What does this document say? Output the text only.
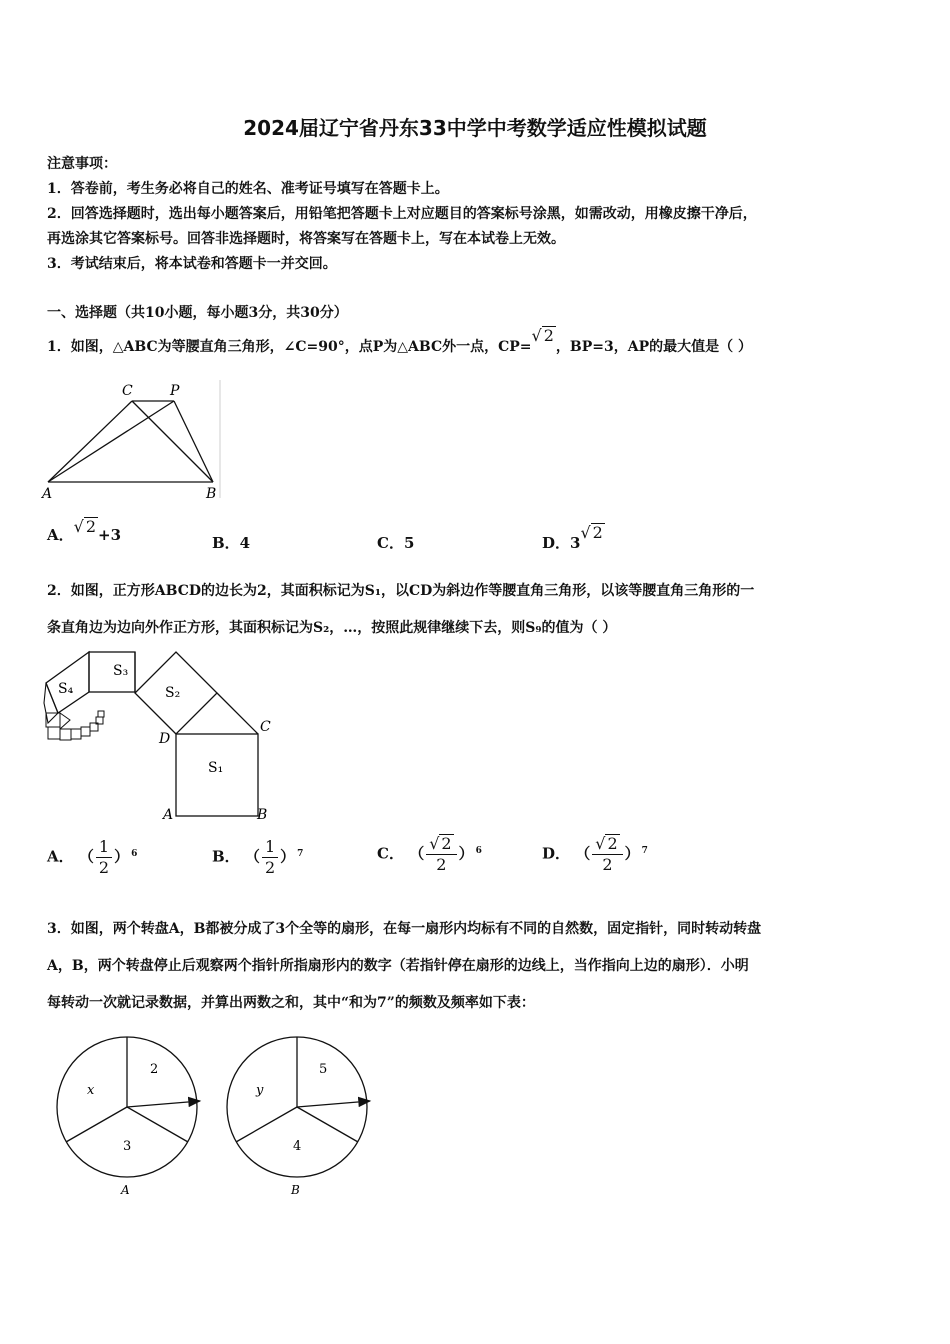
2024届辽宁省丹东33中学中考数学适应性模拟试题
注意事项：
1．答卷前，考生务必将自己的姓名、准考证号填写在答题卡上。
2．回答选择题时，选出每小题答案后，用铅笔把答题卡上对应题目的答案标号涂黑，如需改动，用橡皮擦干净后，
再选涂其它答案标号。回答非选择题时，将答案写在答题卡上，写在本试卷上无效。
3．考试结束后，将本试卷和答题卡一并交回。
一、选择题（共10小题，每小题3分，共30分）
1．如图，△ABC为等腰直角三角形，∠C=90°，点P为△ABC外一点，CP=√ 2，BP=3，AP的最大值是（ ）
C	P
A	B
A．√ 2 +3	B．4	C．5	D．3√ 2
2．如图，正方形ABCD的边长为2，其面积标记为S₁，以CD为斜边作等腰直角三角形，以该等腰直角三角形的一
条直角边为边向外作正方形，其面积标记为S₂，…，按照此规律继续下去，则S₉的值为（ ）
S₃
S₄	S₂
S₁
D
C
A	B
A． （ $\frac{1}{2}$ ） $^6$	B． （ $\frac{1}{2}$ ） $^7$	C． （ $\frac{√ 2}{2}$ ） $^6$	D． （ $\frac{√ 2}{2}$ ） $^7$
3．如图，两个转盘A，B都被分成了3个全等的扇形，在每一扇形内均标有不同的自然数，固定指针，同时转动转盘
A，B，两个转盘停止后观察两个指针所指扇形内的数字（若指针停在扇形的边线上，当作指向上边的扇形）．小明
每转动一次就记录数据，并算出两数之和，其中“和为7”的频数及频率如下表：
2
x
3
A
5
y
4
B
